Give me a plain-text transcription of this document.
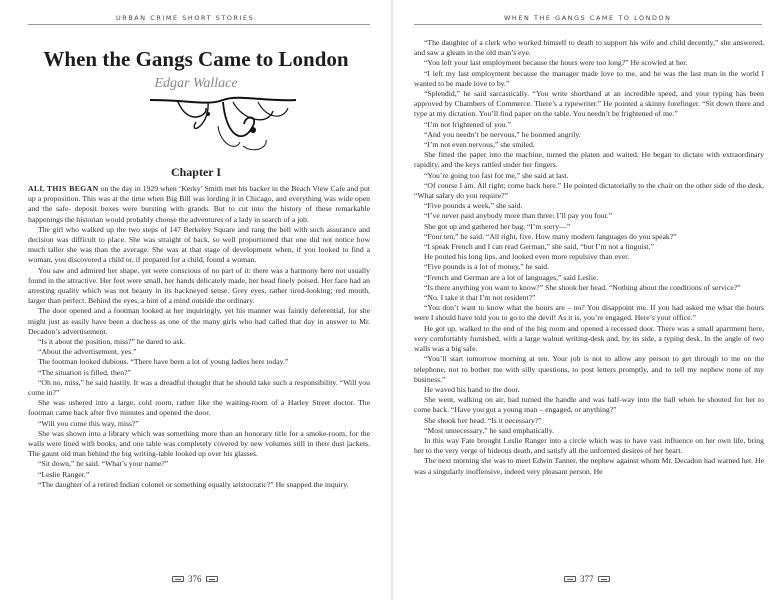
URBAN CRIME SHORT STORIES
When the Gangs Came to London
Edgar Wallace
Chapter I

ALL THIS BEGAN on the day in 1929 when ‘Kerky’ Smith met his backer in the Beach View Cafe and put up a proposition. This was at the time when Big Bill was lording it in Chicago, and everything was wide open and the safe- deposit boxes were bursting with grands. But to cut into the history of these remarkable happenings the historian would probably choose the adventures of a lady in search of a job.

The girl who walked up the two steps of 147 Berkeley Square and rang the bell with such assurance and decision was difficult to place. She was straight of back, so well proportioned that one did not notice how much taller she was than the average. She was at that stage of development when, if you looked to find a woman, you discovered a child or, if prepared for a child, found a woman.

You saw and admired her shape, yet were conscious of no part of it: there was a harmony here not usually found in the attractive. Her feet were small, her hands delicately made, her head finely poised. Her face had an arresting quality which was not beauty in its hackneyed sense. Grey eyes, rather tired-looking; red mouth, larger than perfect. Behind the eyes, a hint of a mind outside the ordinary.

The door opened and a footman looked at her inquiringly, yet his manner was faintly deferential, for she might just as easily have been a duchess as one of the many girls who had called that day in answer to Mr. Decadon’s advertisement.

“Is it about the position, miss?” he dared to ask.

“About the advertisement, yes.”

The footman looked dubious. “There have been a lot of young ladies here today.”

“The situation is filled, then?”

“Oh no, miss,” he said hastily. It was a dreadful thought that he should take such a responsibility. “Will you come in?”

She was ushered into a large, cold room, rather like the waiting-room of a Harley Street doctor. The footman came back after five minutes and opened the door.

“Will you come this way, miss?”

She was shown into a library which was something more than an honorary title for a smoke-room, for the walls were lined with books, and one table was completely covered by new volumes still in their dust jackets. The gaunt old man behind the big writing-table looked up over his glasses.

“Sit down,” he said. “What’s your name?”

“Leslie Ranger.”

“The daughter of a retired Indian colonel or something equally aristocratic?” He snapped the inquiry.

376
WHEN THE GANGS CAME TO LONDON

“The daughter of a clerk who worked himself to death to support his wife and child decently,” she answered, and saw a gleam in the old man’s eye.

“You left your last employment because the hours were too long?” He scowled at her.

“I left my last employment because the manager made love to me, and he was the last man in the world I wanted to be made love to by.”

“Splendid,” he said sarcastically. “You write shorthand at an incredible speed, and your typing has been approved by Chambers of Commerce. There’s a typewriter.” He pointed a skinny forefinger. “Sit down there and type at my dictation. You’ll find paper on the table. You needn’t be frightened of me.”

“I’m not frightened of you.”

“And you needn’t be nervous,” he boomed angrily.

“I’m not even nervous,” she smiled.

She fitted the paper into the machine, turned the platen and waited. He began to dictate with extraordinary rapidity, and the keys rattled under her fingers.

“You’re going too fast for me,” she said at last.

“Of course I am. All right; come back here.” He pointed dictatorially to the chair on the other side of the desk, “What salary do you require?”

“Five pounds a week,” she said.

“I’ve never paid anybody more than three: I’ll pay you four.”

She got up and gathered her bag. “I’m sorry—”

“Four ten,” he said. “All right, five. How many modern languages do you speak?”

“I speak French and I can read German,” she said, “but I’m not a linguist.”

He pouted his long lips, and looked even more repulsive than ever.

“Five pounds is a lot of money,” he said.

“French and German are a lot of languages,” said Leslie.

“Is there anything you want to know?” She shook her head. “Nothing about the conditions of service?”

“No. I take it that I’m not resident?”

“You don’t want to know what the hours are – no? You disappoint me. If you had asked me what the hours were I should have told you to go to the devil! As it is, you’re engaged. Here’s your office.”

He got up, walked to the end of the big room and opened a recessed door. There was a small apartment here, very comfortably furnished, with a large walnut writing-desk and, by its side, a typing desk. In the angle of two walls was a big safe.

“You’ll start tomorrow morning at ten. Your job is not to allow any person to get through to me on the telephone, not to bother me with silly questions, to post letters promptly, and to tell my nephew none of my business.”

He waved his hand to the door.

She went, walking on air, had turned the handle and was half-way into the hall when he shouted for her to come back. “Have you got a young man – engaged, or anything?”

She shook her head. “Is it necessary?”

“Most unnecessary,” he said emphatically.

In this way Fate brought Leslie Ranger into a circle which was to have vast influence on her own life, bring her to the very verge of hideous death, and satisfy all the unformed desires of her heart.

The next morning she was to meet Edwin Tanner, the nephew against whom Mr. Decadon had warned her. He was a singularly inoffensive, indeed very pleasant person. He

377
